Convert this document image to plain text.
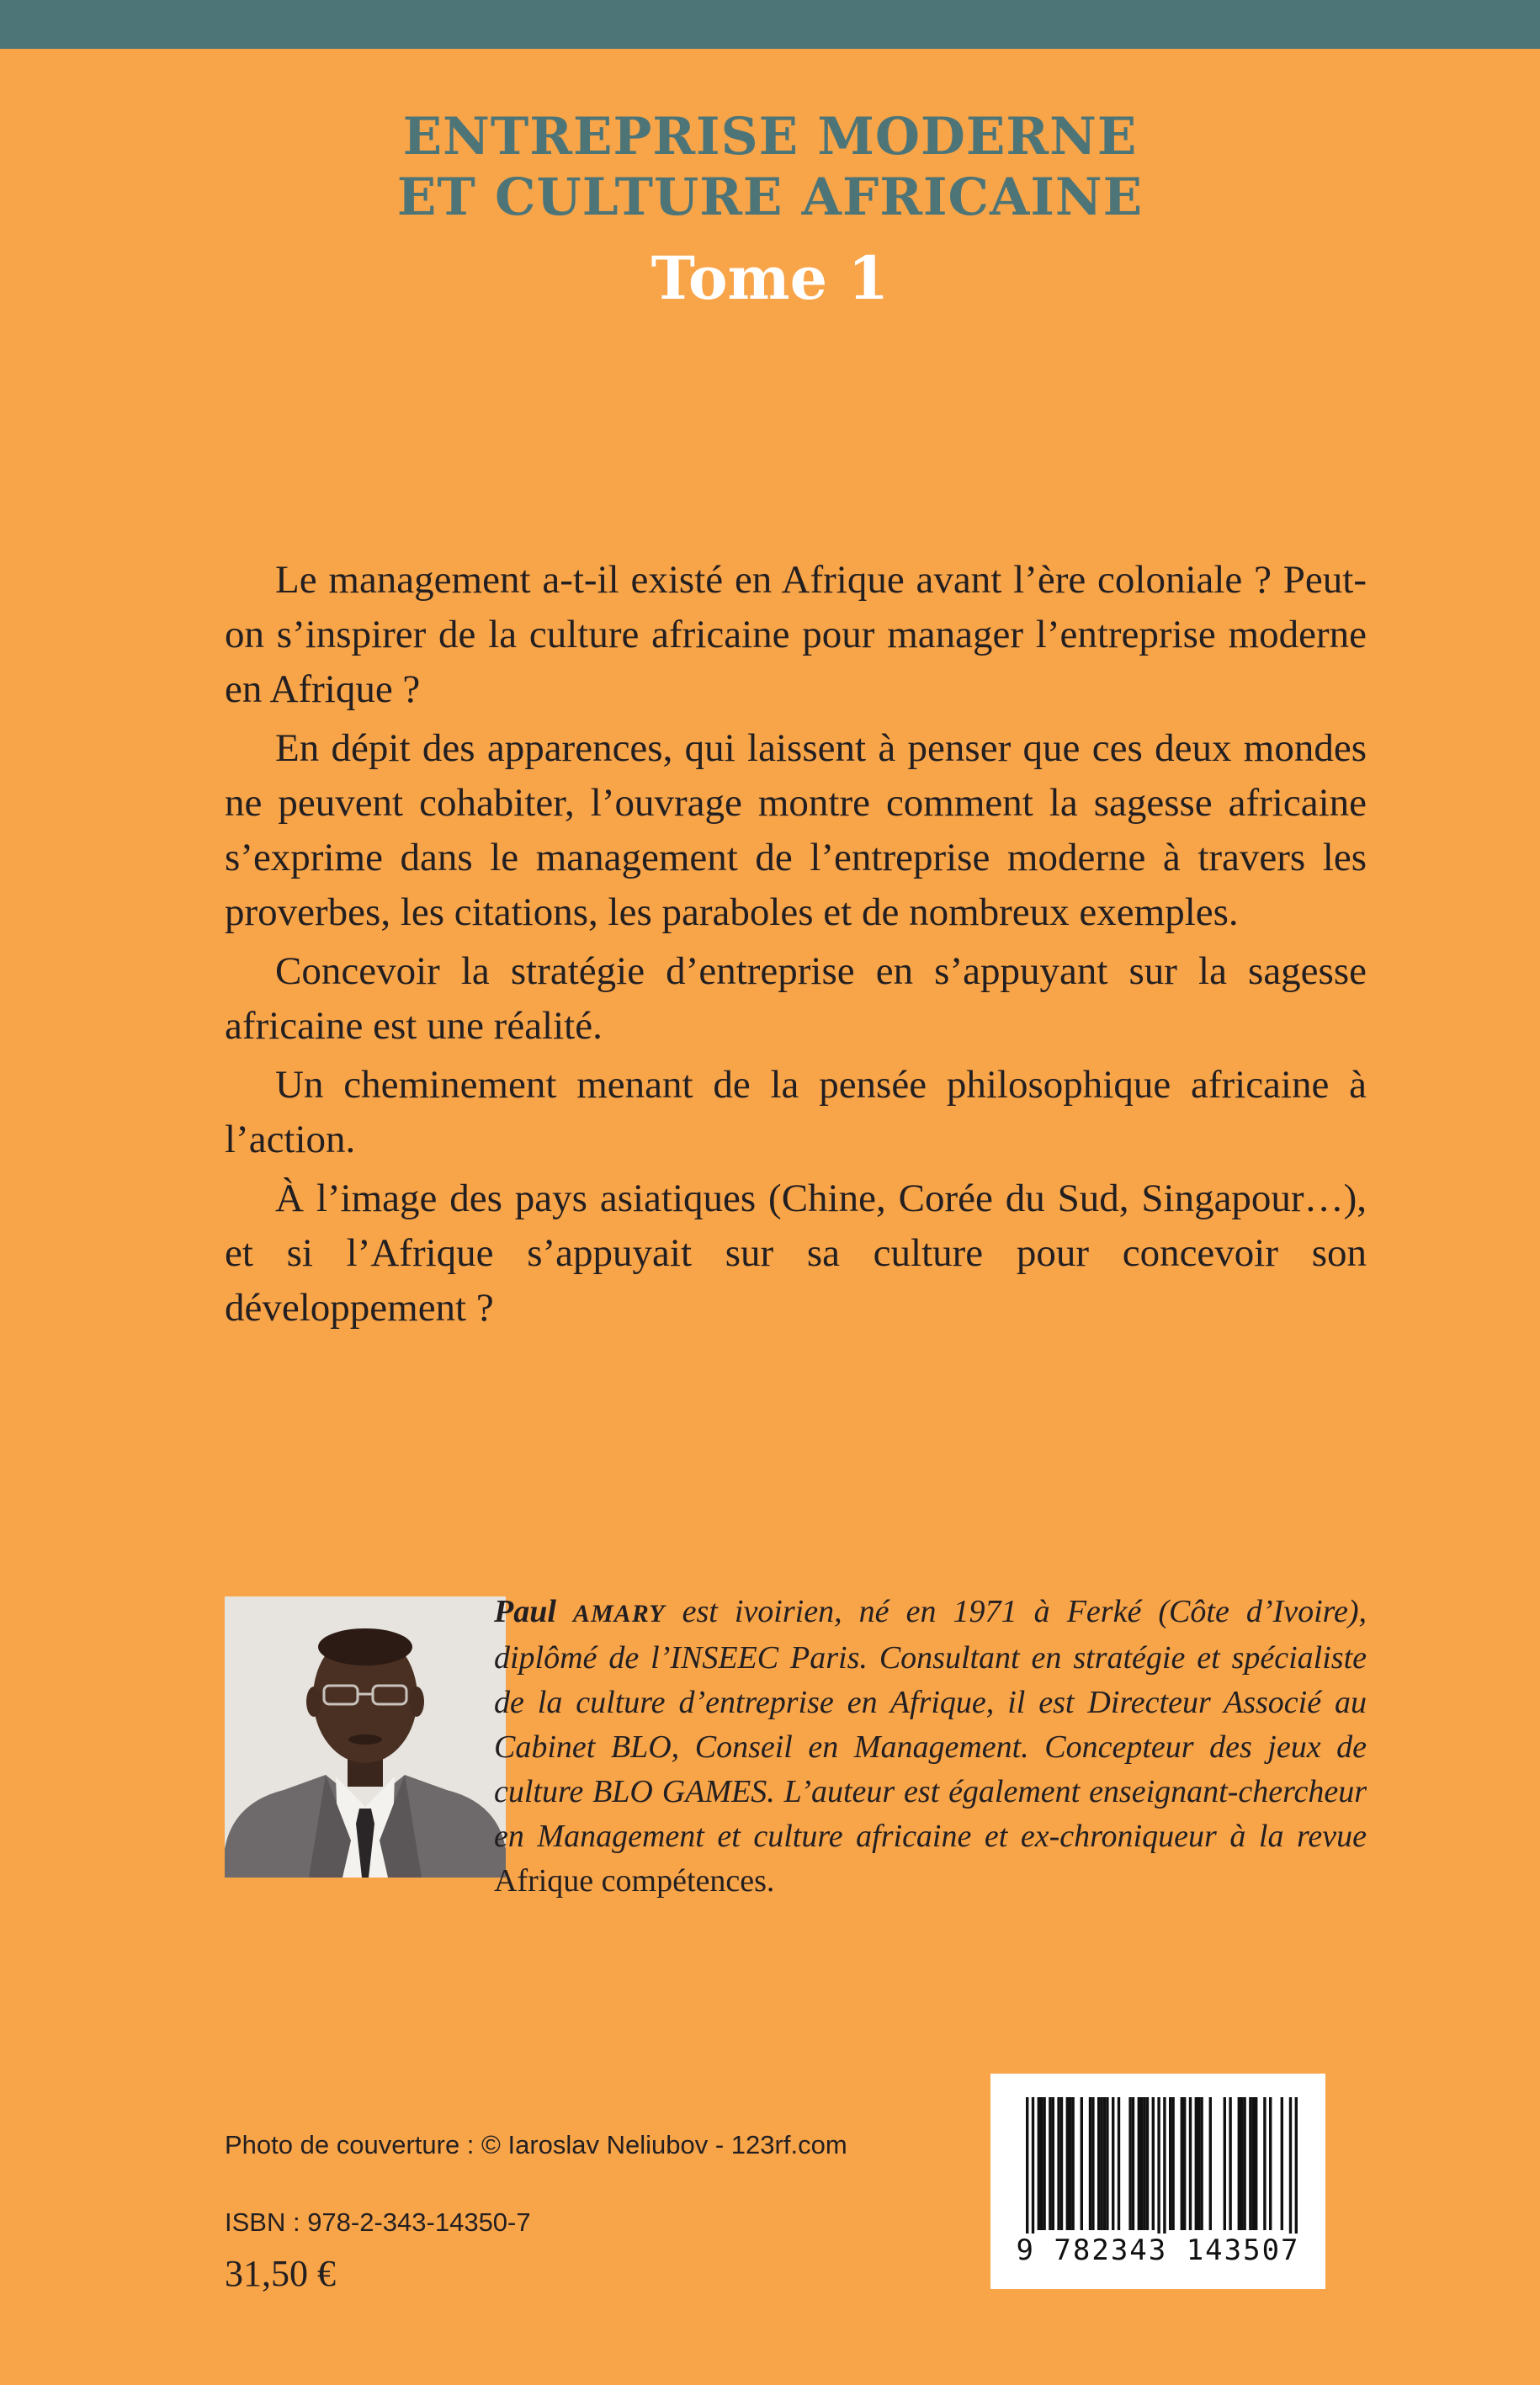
ENTREPRISE MODERNE
ET CULTURE AFRICAINE
Tome 1

Le management a-t-il existé en Afrique avant l’ère coloniale ? Peut-on s’inspirer de la culture africaine pour manager l’entreprise moderne en Afrique ?

En dépit des apparences, qui laissent à penser que ces deux mondes ne peuvent cohabiter, l’ouvrage montre comment la sagesse africaine s’exprime dans le management de l’entreprise moderne à travers les proverbes, les citations, les paraboles et de nombreux exemples.

Concevoir la stratégie d’entreprise en s’appuyant sur la sagesse africaine est une réalité.

Un cheminement menant de la pensée philosophique africaine à l’action.

À l’image des pays asiatiques (Chine, Corée du Sud, Singapour…), et si l’Afrique s’appuyait sur sa culture pour concevoir son développement ?

Paul AMARY est ivoirien, né en 1971 à Ferké (Côte d’Ivoire), diplômé de l’INSEEC Paris. Consultant en stratégie et spécialiste de la culture d’entreprise en Afrique, il est Directeur Associé au Cabinet BLO, Conseil en Management. Concepteur des jeux de culture BLO GAMES. L’auteur est également enseignant-chercheur en Management et culture africaine et ex-chroniqueur à la revue Afrique compétences.
Photo de couverture : © Iaroslav Neliubov - 123rf.com
ISBN : 978-2-343-14350-7
31,50 €
9 782343 143507
